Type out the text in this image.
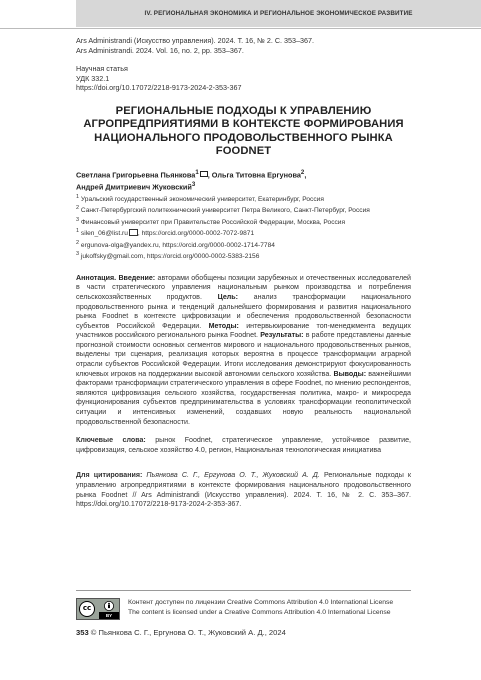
IV. РЕГИОНАЛЬНАЯ ЭКОНОМИКА И РЕГИОНАЛЬНОЕ ЭКОНОМИЧЕСКОЕ РАЗВИТИЕ
Ars Administrandi (Искусство управления). 2024. Т. 16, № 2. С. 353–367.
Ars Administrandi. 2024. Vol. 16, no. 2, pp. 353–367.
Научная статья
УДК 332.1
https://doi.org/10.17072/2218-9173-2024-2-353-367
РЕГИОНАЛЬНЫЕ ПОДХОДЫ К УПРАВЛЕНИЮ
АГРОПРЕДПРИЯТИЯМИ В КОНТЕКСТЕ ФОРМИРОВАНИЯ
НАЦИОНАЛЬНОГО ПРОДОВОЛЬСТВЕННОГО РЫНКА FOODNET
Светлана Григорьевна Пьянкова$^1$ , Ольга Титовна Ергунова$^2$,
Андрей Дмитриевич Жуковский$^3$
$^1$ Уральский государственный экономический университет, Екатеринбург, Россия
$^2$ Санкт-Петербургский политехнический университет Петра Великого, Санкт-Петербург, Россия
$^3$ Финансовый университет при Правительстве Российской Федерации, Москва, Россия
$^1$ silen_06@list.ru , https://orcid.org/0000-0002-7072-9871
$^2$ ergunova-olga@yandex.ru, https://orcid.org/0000-0002-1714-7784
$^3$ jukoffsky@gmail.com, https://orcid.org/0000-0002-5383-2156
Аннотация. Введение: авторами обобщены позиции зарубежных и отечественных исследователей в части стратегического управления национальным рынком производства и потребления сельскохозяйственных продуктов. Цель: анализ трансформации национального продовольственного рынка и тенденций дальнейшего формирования и развития национального рынка Foodnet в контексте цифровизации и обеспечения продовольственной безопасности субъектов Российской Федерации. Методы: интервьюирование топ-менеджмента ведущих участников российского регионального рынка Foodnet. Результаты: в работе представлены данные прогнозной стоимости основных сегментов мирового и национального продовольственных рынков, выделены три сценария, реализация которых вероятна в процессе трансформации аграрной отрасли субъектов Российской Федерации. Итоги исследования демонстрируют фокусированность ключевых игроков на поддержании высокой автономии сельского хозяйства. Выводы: важнейшими факторами трансформации стратегического управления в сфере Foodnet, по мнению респондентов, являются цифровизация сельского хозяйства, государственная политика, макро- и микросреда функционирования субъектов предпринимательства в условиях трансформации геополитической ситуации и интенсивных изменений, создавших новую реальность национальной продовольственной безопасности.
Ключевые слова: рынок Foodnet, стратегическое управление, устойчивое развитие, цифровизация, сельское хозяйство 4.0, регион, Национальная технологическая инициатива
Для цитирования: Пьянкова С. Г., Ергунова О. Т., Жуковский А. Д. Региональные подходы к управлению агропредприятиями в контексте формирования национального продовольственного рынка Foodnet // Ars Administrandi (Искусство управления). 2024. Т. 16, № 2. С. 353–367. https://doi.org/10.17072/2218-9173-2024-2-353-367.
cc
BY
Контент доступен по лицензии Creative Commons Attribution 4.0 International License
The content is licensed under a Creative Commons Attribution 4.0 International License
353 © Пьянкова С. Г., Ергунова О. Т., Жуковский А. Д., 2024
